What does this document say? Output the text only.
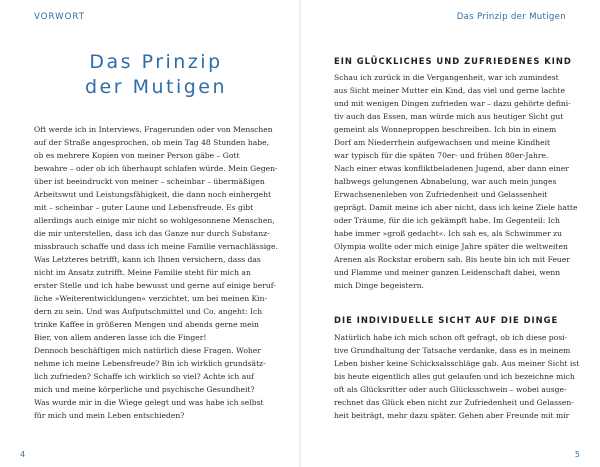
VORWORT
Das Prinzip
der Mutigen

Oft werde ich in Interviews, Fragerunden oder von Menschen
auf der Straße angesprochen, ob mein Tag 48 Stunden habe,
ob es mehrere Kopien von meiner Person gäbe – Gott
bewahre – oder ob ich überhaupt schlafen würde. Mein Gegen-
über ist beeindruckt von meiner – scheinbar – übermäßigen
Arbeitswut und Leistungsfähigkeit, die dann noch einhergeht
mit – scheinbar – guter Laune und Lebensfreude. Es gibt
allerdings auch einige mir nicht so wohlgesonnene Menschen,
die mir unterstellen, dass ich das Ganze nur durch Substanz-
missbrauch schaffe und dass ich meine Familie vernachlässige.
Was Letzteres betrifft, kann ich Ihnen versichern, dass das
nicht im Ansatz zutrifft. Meine Familie steht für mich an
erster Stelle und ich habe bewusst und gerne auf einige beruf-
liche »Weiterentwicklungen« verzichtet, um bei meinen Kin-
dern zu sein. Und was Aufputschmittel und Co. angeht: Ich
trinke Kaffee in größeren Mengen und abends gerne mein
Bier, von allem anderen lasse ich die Finger!
Dennoch beschäftigen mich natürlich diese Fragen. Woher
nehme ich meine Lebensfreude? Bin ich wirklich grundsätz-
lich zufrieden? Schaffe ich wirklich so viel? Achte ich auf
mich und meine körperliche und psychische Gesundheit?
Was wurde mir in die Wiege gelegt und was habe ich selbst
für mich und mein Leben entschieden?

4
Das Prinzip der Mutigen
EIN GLÜCKLICHES UND ZUFRIEDENES KIND

Schau ich zurück in die Vergangenheit, war ich zumindest
aus Sicht meiner Mutter ein Kind, das viel und gerne lachte
und mit wenigen Dingen zufrieden war – dazu gehörte defini-
tiv auch das Essen, man würde mich aus heutiger Sicht gut
gemeint als Wonneproppen beschreiben. Ich bin in einem
Dorf am Niederrhein aufgewachsen und meine Kindheit
war typisch für die späten 70er- und frühen 80er-Jahre.
Nach einer etwas konfliktbeladenen Jugend, aber dann einer
halbwegs gelungenen Abnabelung, war auch mein junges
Erwachsenenleben von Zufriedenheit und Gelassenheit
geprägt. Damit meine ich aber nicht, dass ich keine Ziele hatte
oder Träume, für die ich gekämpft habe. Im Gegenteil: Ich
habe immer »groß gedacht«. Ich sah es, als Schwimmer zu
Olympia wollte oder mich einige Jahre später die weltweiten
Arenen als Rockstar erobern sah. Bis heute bin ich mit Feuer
und Flamme und meiner ganzen Leidenschaft dabei, wenn
mich Dinge begeistern.

DIE INDIVIDUELLE SICHT AUF DIE DINGE

Natürlich habe ich mich schon oft gefragt, ob ich diese posi-
tive Grundhaltung der Tatsache verdanke, dass es in meinem
Leben bisher keine Schicksalsschläge gab. Aus meiner Sicht ist
bis heute eigentlich alles gut gelaufen und ich bezeichne mich
oft als Glücksritter oder auch Glücksschwein – wobei ausge-
rechnet das Glück eben nicht zur Zufriedenheit und Gelassen-
heit beiträgt, mehr dazu später. Gehen aber Freunde mit mir

5
